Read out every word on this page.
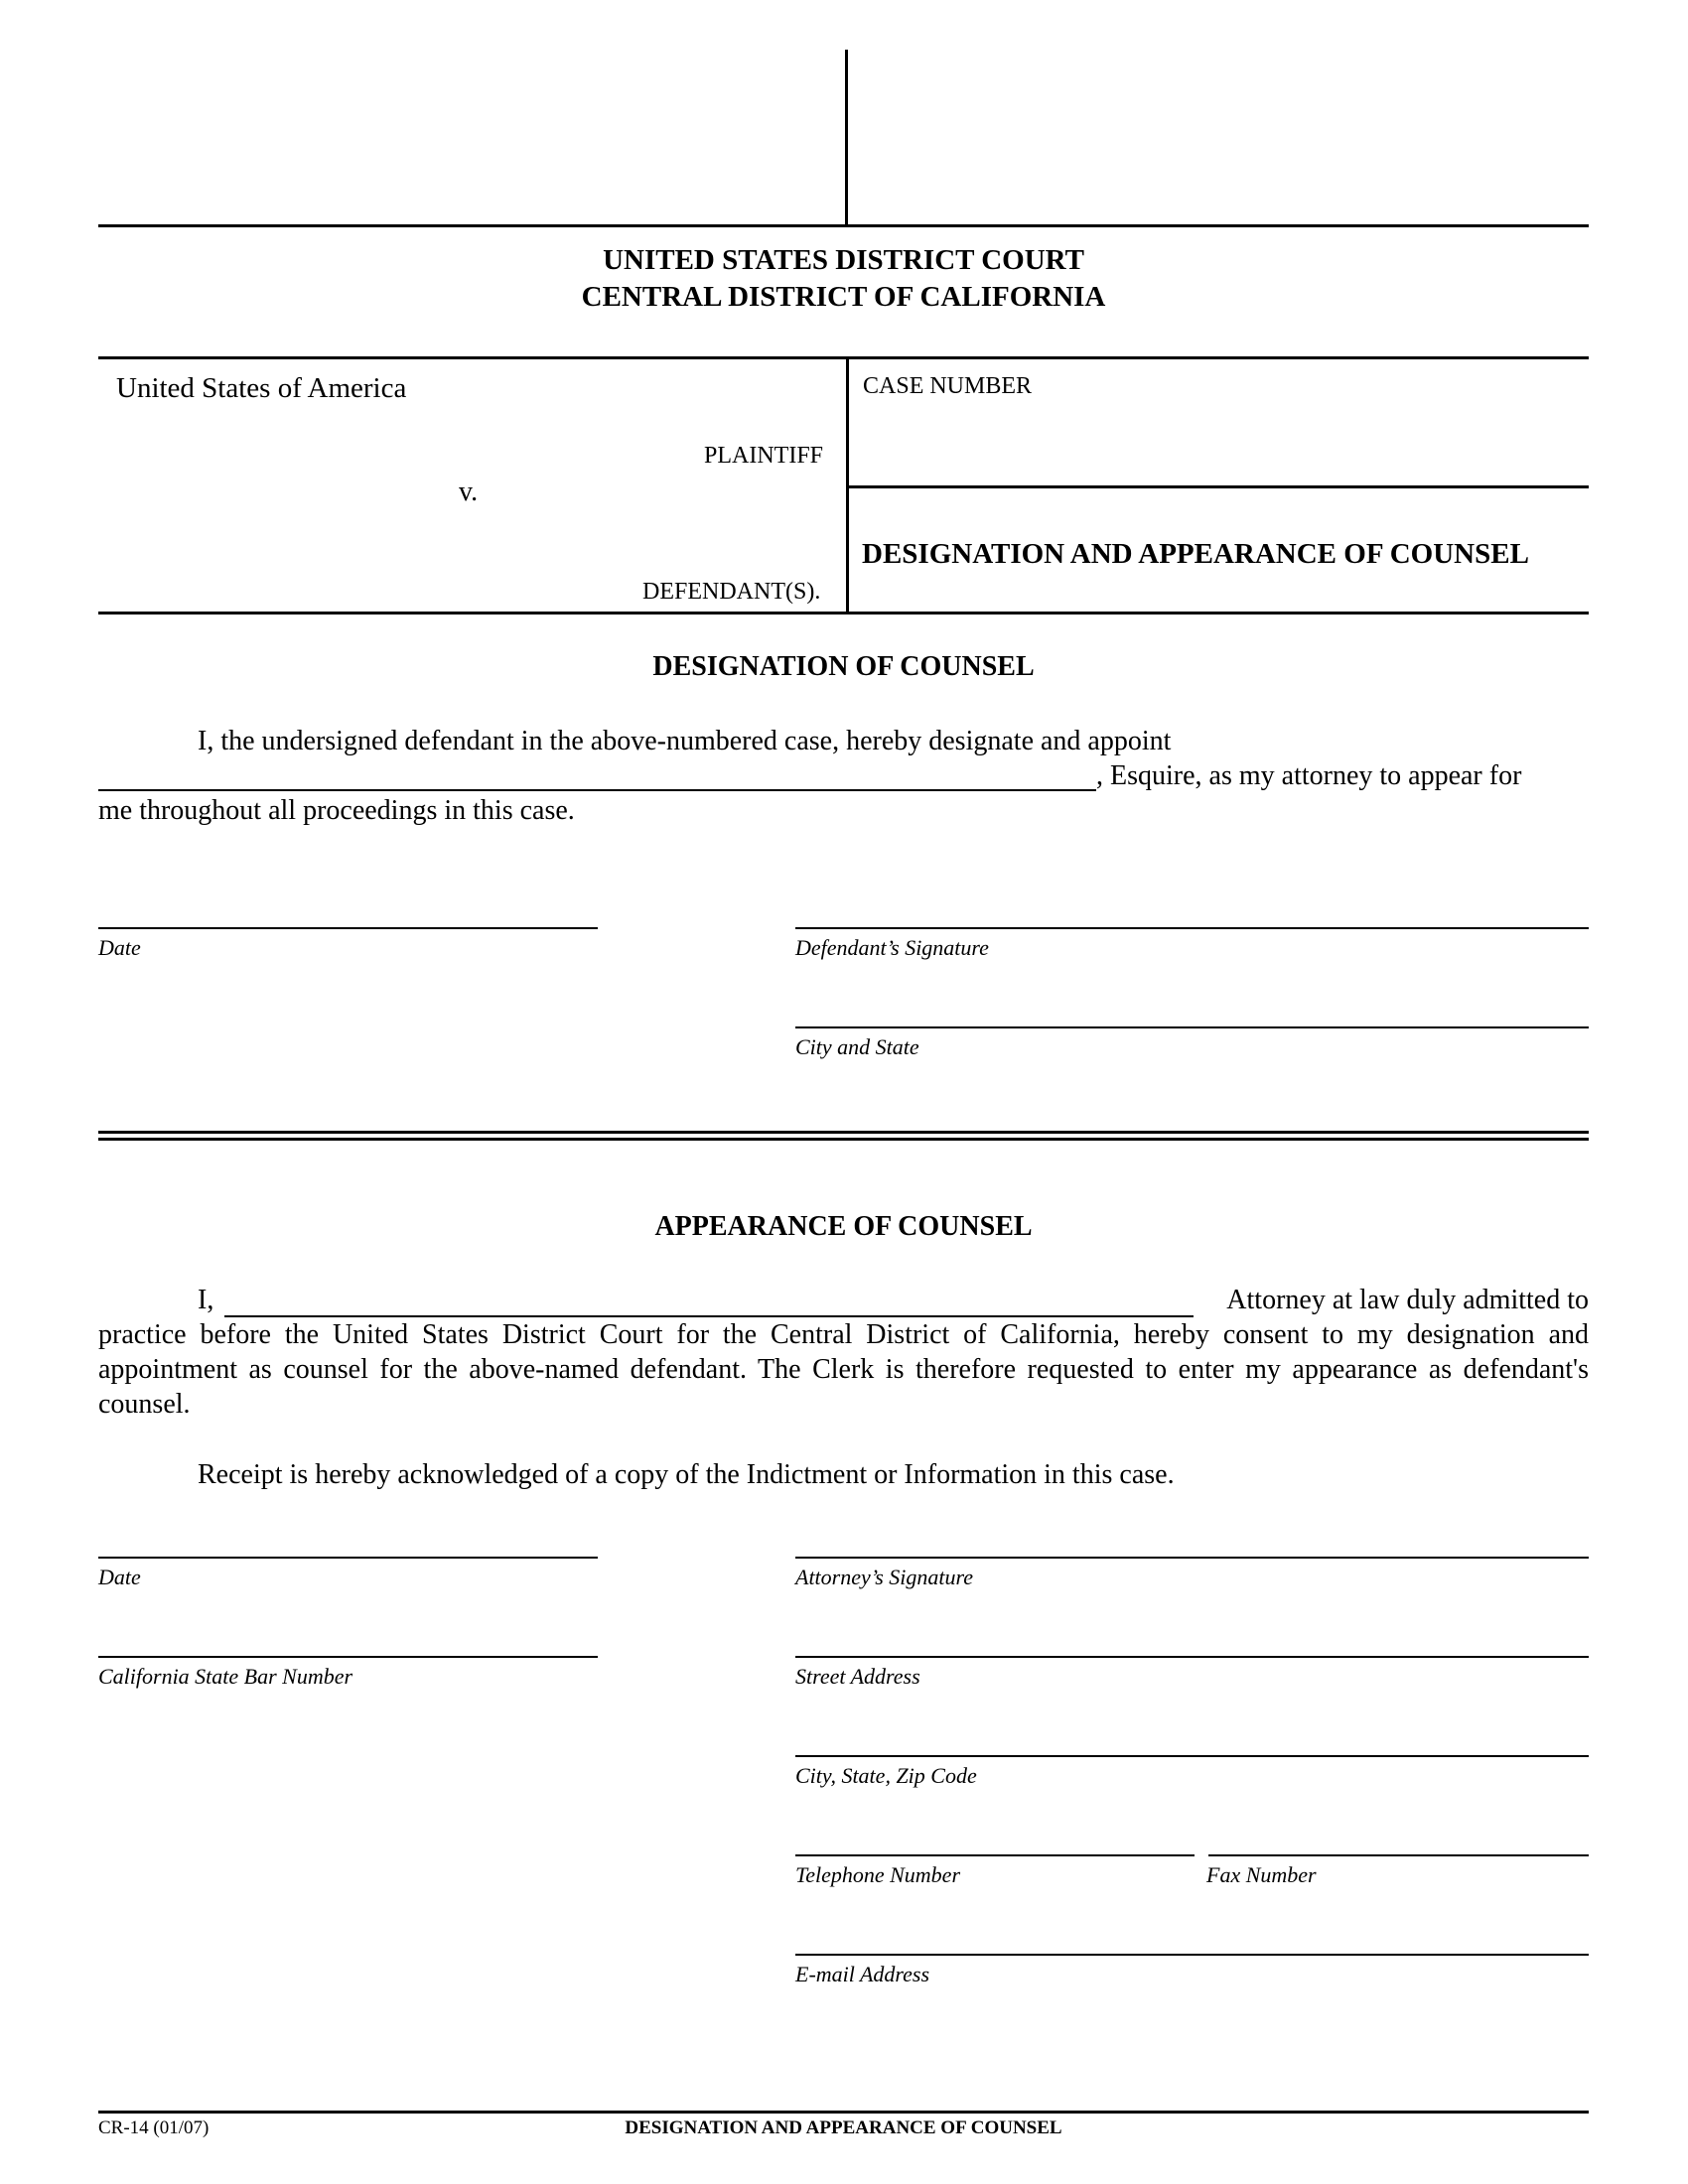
UNITED STATES DISTRICT COURT
CENTRAL DISTRICT OF CALIFORNIA
United States of America
PLAINTIFF
v.
DEFENDANT(S).
CASE NUMBER
DESIGNATION AND APPEARANCE OF COUNSEL
DESIGNATION OF COUNSEL
I, the undersigned defendant in the above-numbered case, hereby designate and appoint
, Esquire, as my attorney to appear for
me throughout all proceedings in this case.
Date	Defendant’s Signature
City and State
APPEARANCE OF COUNSEL
I,	Attorney at law duly admitted to
practice before the United States District Court for the Central District of California, hereby consent to my designation and appointment as counsel for the above-named defendant. The Clerk is therefore requested to enter my appearance as defendant's counsel.
Receipt is hereby acknowledged of a copy of the Indictment or Information in this case.
Date	Attorney’s Signature
California State Bar Number	Street Address
City, State, Zip Code
Telephone Number	Fax Number
E-mail Address
CR-14 (01/07)	DESIGNATION AND APPEARANCE OF COUNSEL
